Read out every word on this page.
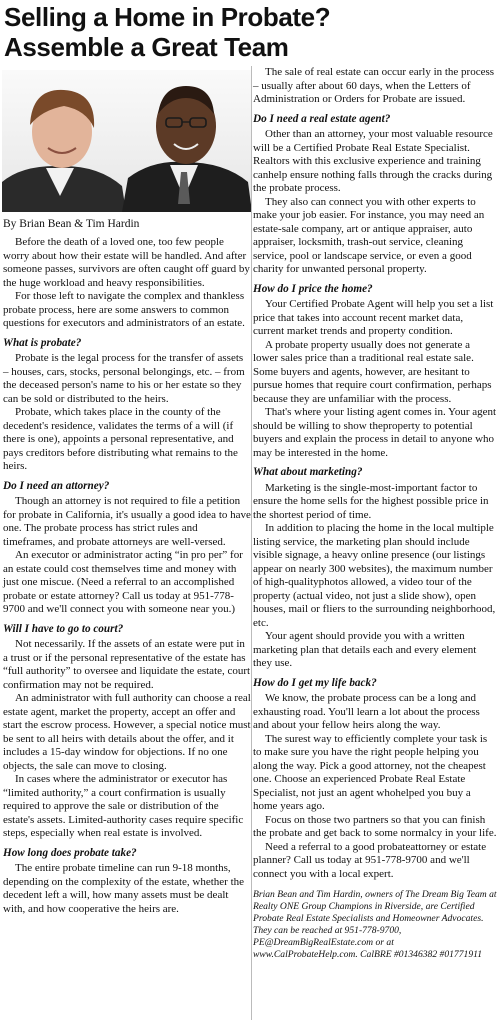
Selling a Home in Probate?
Assemble a Great Team
By Brian Bean & Tim Hardin

Before the death of a loved one, too few people worry about how their estate will be handled. And after someone passes, survivors are often caught off guard by the huge workload and heavy responsibilities.

For those left to navigate the complex and thankless probate process, here are some answers to common questions for executors and administrators of an estate.

What is probate?

Probate is the legal process for the transfer of assets – houses, cars, stocks, personal belongings, etc. – from the deceased person's name to his or her estate so they can be sold or distributed to the heirs.

Probate, which takes place in the county of the decedent's residence, validates the terms of a will (if there is one), appoints a personal representative, and pays creditors before distributing what remains to the heirs.

Do I need an attorney?

Though an attorney is not required to file a petition for probate in California, it's usually a good idea to have one. The probate process has strict rules and timeframes, and probate attorneys are well-versed.

An executor or administrator acting “in pro per” for an estate could cost themselves time and money with just one miscue. (Need a referral to an accomplished probate or estate attorney? Call us today at 951-778-9700 and we'll connect you with someone near you.)

Will I have to go to court?

Not necessarily. If the assets of an estate were put in a trust or if the personal representative of the estate has “full authority” to oversee and liquidate the estate, court confirmation may not be required.

An administrator with full authority can choose a real estate agent, market the property, accept an offer and start the escrow process. However, a special notice must be sent to all heirs with details about the offer, and it includes a 15-day window for objections. If no one objects, the sale can move to closing.

In cases where the administrator or executor has “limited authority,” a court confirmation is usually required to approve the sale or distribution of the estate's assets. Limited-authority cases require specific steps, especially when real estate is involved.

How long does probate take?

The entire probate timeline can run 9-18 months, depending on the complexity of the estate, whether the decedent left a will, how many assets must be dealt with, and how cooperative the heirs are.

The sale of real estate can occur early in the process – usually after about 60 days, when the Letters of Administration or Orders for Probate are issued.

Do I need a real estate agent?

Other than an attorney, your most valuable resource will be a Certified Probate Real Estate Specialist. Realtors with this exclusive experience and training canhelp ensure nothing falls through the cracks during the probate process.

They also can connect you with other experts to make your job easier. For instance, you may need an estate-sale company, art or antique appraiser, auto appraiser, locksmith, trash-out service, cleaning service, pool or landscape service, or even a good charity for unwanted personal property.

How do I price the home?

Your Certified Probate Agent will help you set a list price that takes into account recent market data, current market trends and property condition.

A probate property usually does not generate a lower sales price than a traditional real estate sale. Some buyers and agents, however, are hesitant to pursue homes that require court confirmation, perhaps because they are unfamiliar with the process.

That's where your listing agent comes in. Your agent should be willing to show theproperty to potential buyers and explain the process in detail to anyone who may be interested in the home.

What about marketing?

Marketing is the single-most-important factor to ensure the home sells for the highest possible price in the shortest period of time.

In addition to placing the home in the local multiple listing service, the marketing plan should include visible signage, a heavy online presence (our listings appear on nearly 300 websites), the maximum number of high-qualityphotos allowed, a video tour of the property (actual video, not just a slide show), open houses, mail or fliers to the surrounding neighborhood, etc.

Your agent should provide you with a written marketing plan that details each and every element they use.

How do I get my life back?

We know, the probate process can be a long and exhausting road. You'll learn a lot about the process and about your fellow heirs along the way.

The surest way to efficiently complete your task is to make sure you have the right people helping you along the way. Pick a good attorney, not the cheapest one. Choose an experienced Probate Real Estate Specialist, not just an agent whohelped you buy a home years ago.

Focus on those two partners so that you can finish the probate and get back to some normalcy in your life.

Need a referral to a good probateattorney or estate planner? Call us today at 951-778-9700 and we'll connect you with a local expert.

Brian Bean and Tim Hardin, owners of The Dream Big Team at Realty ONE Group Champions in Riverside, are Certified Probate Real Estate Specialists and Homeowner Advocates. They can be reached at 951-778-9700, PE@DreamBigRealEstate.com or at www.CalProbateHelp.com. CalBRE #01346382 #01771911
